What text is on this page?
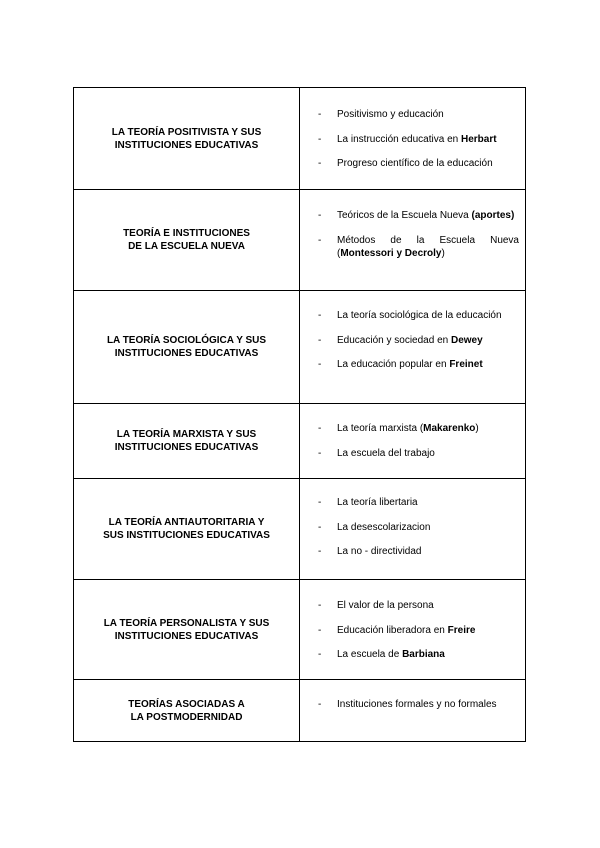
LA TEORÍA POSITIVISTA Y SUS
INSTITUCIONES EDUCATIVAS
-	Positivismo y educación
-	La instrucción educativa en Herbart
-	Progreso científico de la educación
TEORÍA E INSTITUCIONES
DE LA ESCUELA NUEVA
-	Teóricos de la Escuela Nueva (aportes)
-	Métodos de la Escuela Nueva (Montessori y Decroly)
LA TEORÍA SOCIOLÓGICA Y SUS
INSTITUCIONES EDUCATIVAS
-	La teoría sociológica de la educación
-	Educación y sociedad en Dewey
-	La educación popular en Freinet
LA TEORÍA MARXISTA Y SUS
INSTITUCIONES EDUCATIVAS
-	La teoría marxista (Makarenko)
-	La escuela del trabajo
LA TEORÍA ANTIAUTORITARIA Y
SUS INSTITUCIONES EDUCATIVAS
-	La teoría libertaria
-	La desescolarizacion
-	La no - directividad
LA TEORÍA PERSONALISTA Y SUS
INSTITUCIONES EDUCATIVAS
-	El valor de la persona
-	Educación liberadora en Freire
-	La escuela de Barbiana
TEORÍAS ASOCIADAS A
LA POSTMODERNIDAD
-	Instituciones formales y no formales
